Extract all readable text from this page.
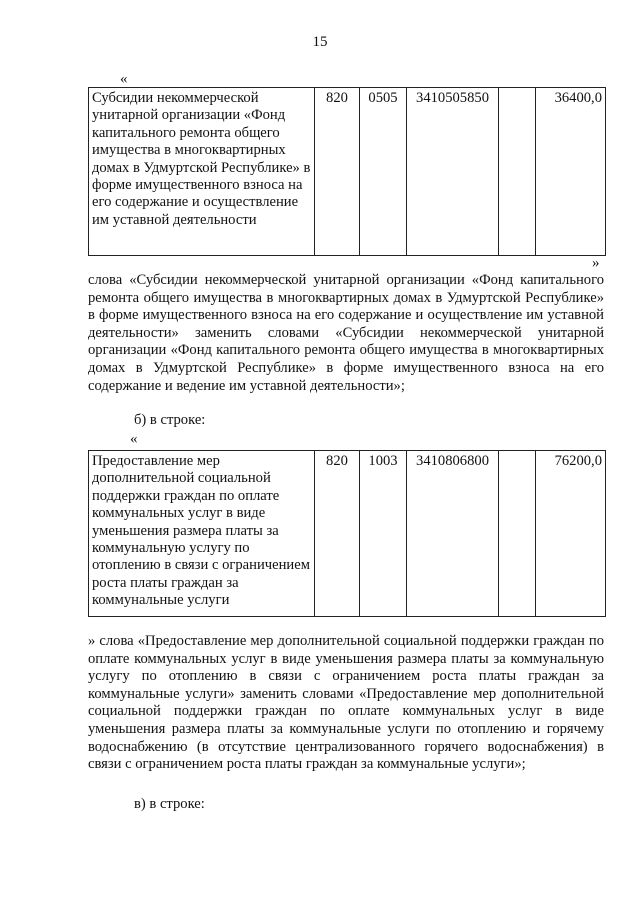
15
«
Субсидии некоммерческой унитарной организации «Фонд капитального ремонта общего имущества в многоквартирных домах в Удмуртской Республике» в форме имущественного взноса на его содержание и осуществление им уставной деятельности	820	0505	3410505850		36400,0
»

слова «Субсидии некоммерческой унитарной организации «Фонд капитального ремонта общего имущества в многоквартирных домах в Удмуртской Республике» в форме имущественного взноса на его содержание и осуществление им уставной деятельности» заменить словами «Субсидии некоммерческой унитарной организации «Фонд капитального ремонта общего имущества в многоквартирных домах в Удмуртской Республике» в форме имущественного взноса на его содержание и ведение им уставной деятельности»;

б) в строке:
«
Предоставление мер дополнительной социальной поддержки граждан по оплате коммунальных услуг в виде уменьшения размера платы за коммунальную услугу по отоплению в связи с ограничением роста платы граждан за коммунальные услуги	820	1003	3410806800		76200,0

» слова «Предоставление мер дополнительной социальной поддержки граждан по оплате коммунальных услуг в виде уменьшения размера платы за коммунальную услугу по отоплению в связи с ограничением роста платы граждан за коммунальные услуги» заменить словами «Предоставление мер дополнительной социальной поддержки граждан по оплате коммунальных услуг в виде уменьшения размера платы за коммунальные услуги по отоплению и горячему водоснабжению (в отсутствие централизованного горячего водоснабжения) в связи с ограничением роста платы граждан за коммунальные услуги»;

в) в строке:
